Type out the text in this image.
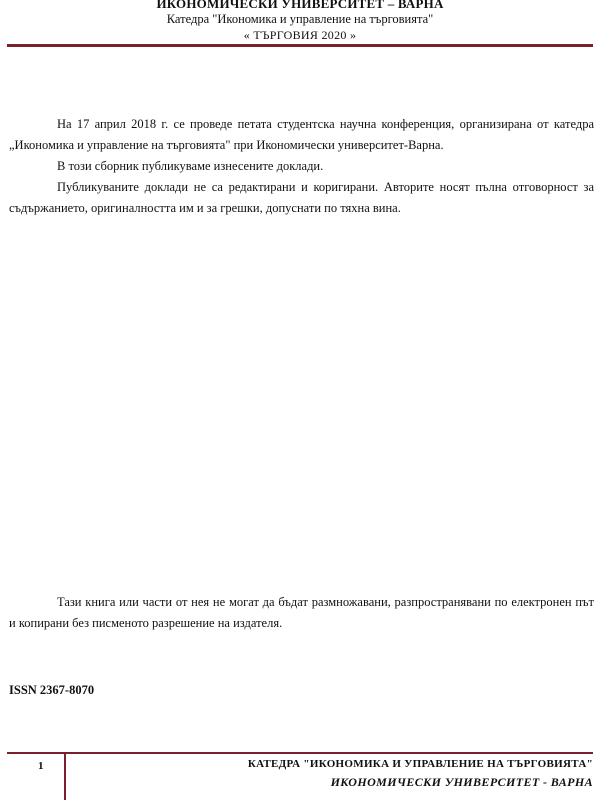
ИКОНОМИЧЕСКИ УНИВЕРСИТЕТ – ВАРНА
Катедра "Икономика и управление на търговията"
« ТЪРГОВИЯ 2020 »

На 17 април 2018 г. се проведе петата студентска научна конференция, организирана от катедра „Икономика и управление на търговията" при Икономически университет-Варна.

В този сборник публикуваме изнесените доклади.

Публикуваните доклади не са редактирани и коригирани. Авторите носят пълна отговорност за съдържанието, оригиналността им и за грешки, допуснати по тяхна вина.

Тази книга или части от нея не могат да бъдат размножавани, разпространявани по електронен път и копирани без писменото разрешение на издателя.

ISSN 2367-8070
1	КАТЕДРА "ИКОНОМИКА И УПРАВЛЕНИЕ НА ТЪРГОВИЯТА"
ИКОНОМИЧЕСКИ УНИВЕРСИТЕТ - ВАРНА
